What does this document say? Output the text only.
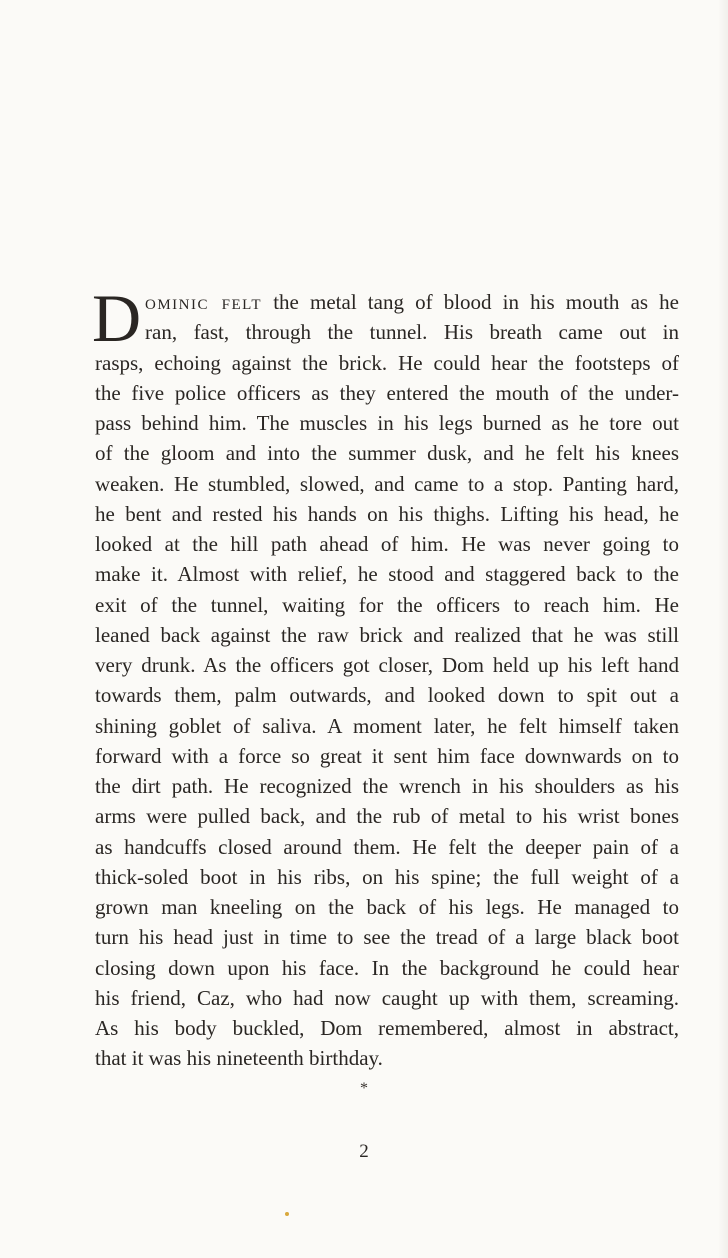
D ominic felt the metal tang of blood in his mouth as he
ran, fast, through the tunnel. His breath came out in
rasps, echoing against the brick. He could hear the footsteps of
the five police officers as they entered the mouth of the under-
pass behind him. The muscles in his legs burned as he tore out
of the gloom and into the summer dusk, and he felt his knees
weaken. He stumbled, slowed, and came to a stop. Panting hard,
he bent and rested his hands on his thighs. Lifting his head, he
looked at the hill path ahead of him. He was never going to
make it. Almost with relief, he stood and staggered back to the
exit of the tunnel, waiting for the officers to reach him. He
leaned back against the raw brick and realized that he was still
very drunk. As the officers got closer, Dom held up his left hand
towards them, palm outwards, and looked down to spit out a
shining goblet of saliva. A moment later, he felt himself taken
forward with a force so great it sent him face downwards on to
the dirt path. He recognized the wrench in his shoulders as his
arms were pulled back, and the rub of metal to his wrist bones
as handcuffs closed around them. He felt the deeper pain of a
thick-soled boot in his ribs, on his spine; the full weight of a
grown man kneeling on the back of his legs. He managed to
turn his head just in time to see the tread of a large black boot
closing down upon his face. In the background he could hear
his friend, Caz, who had now caught up with them, screaming.
As his body buckled, Dom remembered, almost in abstract,
that it was his nineteenth birthday.
*
2
